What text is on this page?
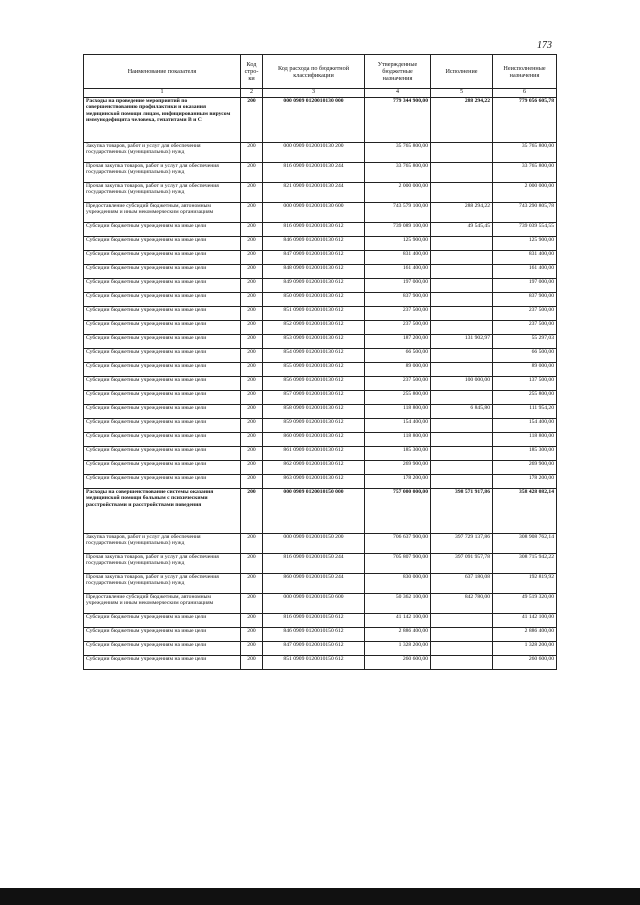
173
Наименование показателя	Код стро-ки	Код расхода по бюджетной классификации	Утвержденные бюджетные назначения	Исполнение	Неисполненные назначения
1	2	3	4	5	6
Расходы на проведение мероприятий по совершенствованию профилактики и оказания медицинской помощи лицам, инфицированным вирусом иммунодефицита человека, гепатитами В и С	200	000 0909 0120010130 000	779 344 900,00	288 294,22	779 056 605,78
Закупка товаров, работ и услуг для обеспечения государственных (муниципальных) нужд	200	000 0909 0120010130 200	35 765 800,00		35 765 800,00
Прочая закупка товаров, работ и услуг для обеспечения государственных (муниципальных) нужд	200	816 0909 0120010130 244	33 765 800,00		33 765 800,00
Прочая закупка товаров, работ и услуг для обеспечения государственных (муниципальных) нужд	200	821 0909 0120010130 244	2 000 000,00		2 000 000,00
Предоставление субсидий бюджетным, автономным учреждениям и иным некоммерческим организациям	200	000 0909 0120010130 600	743 579 100,00	288 294,22	743 290 805,78
Субсидии бюджетным учреждениям на иные цели	200	816 0909 0120010130 612	739 089 100,00	49 545,45	739 039 554,55
Субсидии бюджетным учреждениям на иные цели	200	846 0909 0120010130 612	125 900,00		125 900,00
Субсидии бюджетным учреждениям на иные цели	200	847 0909 0120010130 612	831 400,00		831 400,00
Субсидии бюджетным учреждениям на иные цели	200	848 0909 0120010130 612	161 400,00		161 400,00
Субсидии бюджетным учреждениям на иные цели	200	849 0909 0120010130 612	197 000,00		197 000,00
Субсидии бюджетным учреждениям на иные цели	200	850 0909 0120010130 612	837 900,00		837 900,00
Субсидии бюджетным учреждениям на иные цели	200	851 0909 0120010130 612	237 500,00		237 500,00
Субсидии бюджетным учреждениям на иные цели	200	852 0909 0120010130 612	237 500,00		237 500,00
Субсидии бюджетным учреждениям на иные цели	200	853 0909 0120010130 612	187 200,00	131 902,97	55 297,03
Субсидии бюджетным учреждениям на иные цели	200	854 0909 0120010130 612	66 500,00		66 500,00
Субсидии бюджетным учреждениям на иные цели	200	855 0909 0120010130 612	89 000,00		89 000,00
Субсидии бюджетным учреждениям на иные цели	200	856 0909 0120010130 612	237 500,00	100 000,00	137 500,00
Субсидии бюджетным учреждениям на иные цели	200	857 0909 0120010130 612	255 800,00		255 800,00
Субсидии бюджетным учреждениям на иные цели	200	858 0909 0120010130 612	118 800,00	6 845,80	111 954,20
Субсидии бюджетным учреждениям на иные цели	200	859 0909 0120010130 612	154 400,00		154 400,00
Субсидии бюджетным учреждениям на иные цели	200	860 0909 0120010130 612	118 800,00		118 800,00
Субсидии бюджетным учреждениям на иные цели	200	861 0909 0120010130 612	185 300,00		185 300,00
Субсидии бюджетным учреждениям на иные цели	200	862 0909 0120010130 612	269 900,00		269 900,00
Субсидии бюджетным учреждениям на иные цели	200	863 0909 0120010130 612	178 200,00		178 200,00
Расходы на совершенствование системы оказания медицинской помощи больным с психическими расстройствами и расстройствами поведения	200	000 0909 0120010150 000	757 000 000,00	398 571 917,86	358 428 082,14
Закупка товаров, работ и услуг для обеспечения государственных (муниципальных) нужд	200	000 0909 0120010150 200	706 637 900,00	397 729 137,86	308 908 762,14
Прочая закупка товаров, работ и услуг для обеспечения государственных (муниципальных) нужд	200	816 0909 0120010150 244	705 807 900,00	397 091 957,78	308 715 942,22
Прочая закупка товаров, работ и услуг для обеспечения государственных (муниципальных) нужд	200	860 0909 0120010150 244	830 000,00	637 180,08	192 819,92
Предоставление субсидий бюджетным, автономным учреждениям и иным некоммерческим организациям	200	000 0909 0120010150 600	50 362 100,00	842 780,00	49 519 320,00
Субсидии бюджетным учреждениям на иные цели	200	816 0909 0120010150 612	41 142 100,00		41 142 100,00
Субсидии бюджетным учреждениям на иные цели	200	846 0909 0120010150 612	2 886 400,00		2 886 400,00
Субсидии бюджетным учреждениям на иные цели	200	847 0909 0120010150 612	1 328 200,00		1 328 200,00
Субсидии бюджетным учреждениям на иные цели	200	851 0909 0120010150 612	260 600,00		260 600,00
